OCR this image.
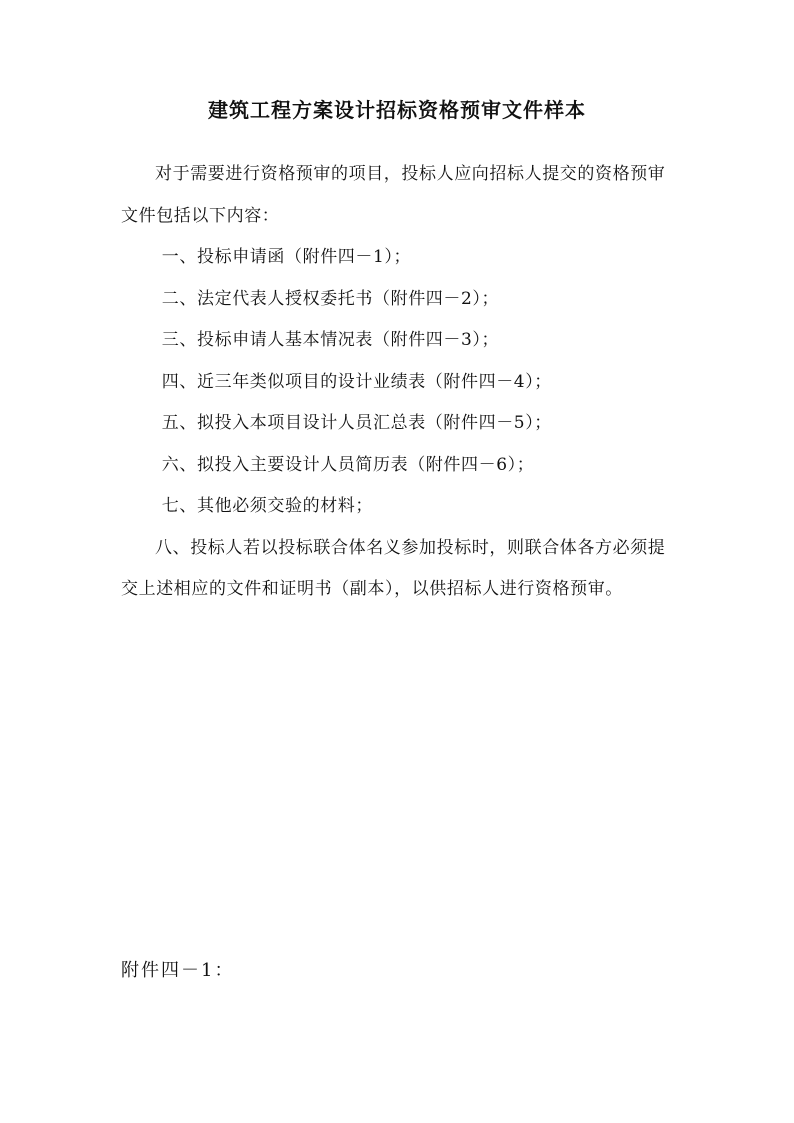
建筑工程方案设计招标资格预审文件样本

对于需要进行资格预审的项目，投标人应向招标人提交的资格预审文件包括以下内容：

一、投标申请函（附件四－1）；

二、法定代表人授权委托书（附件四－2）；

三、投标申请人基本情况表（附件四－3）；

四、近三年类似项目的设计业绩表（附件四－4）；

五、拟投入本项目设计人员汇总表（附件四－5）；

六、拟投入主要设计人员简历表（附件四－6）；

七、其他必须交验的材料；

八、投标人若以投标联合体名义参加投标时，则联合体各方必须提交上述相应的文件和证明书（副本），以供招标人进行资格预审。

附件四－1：
